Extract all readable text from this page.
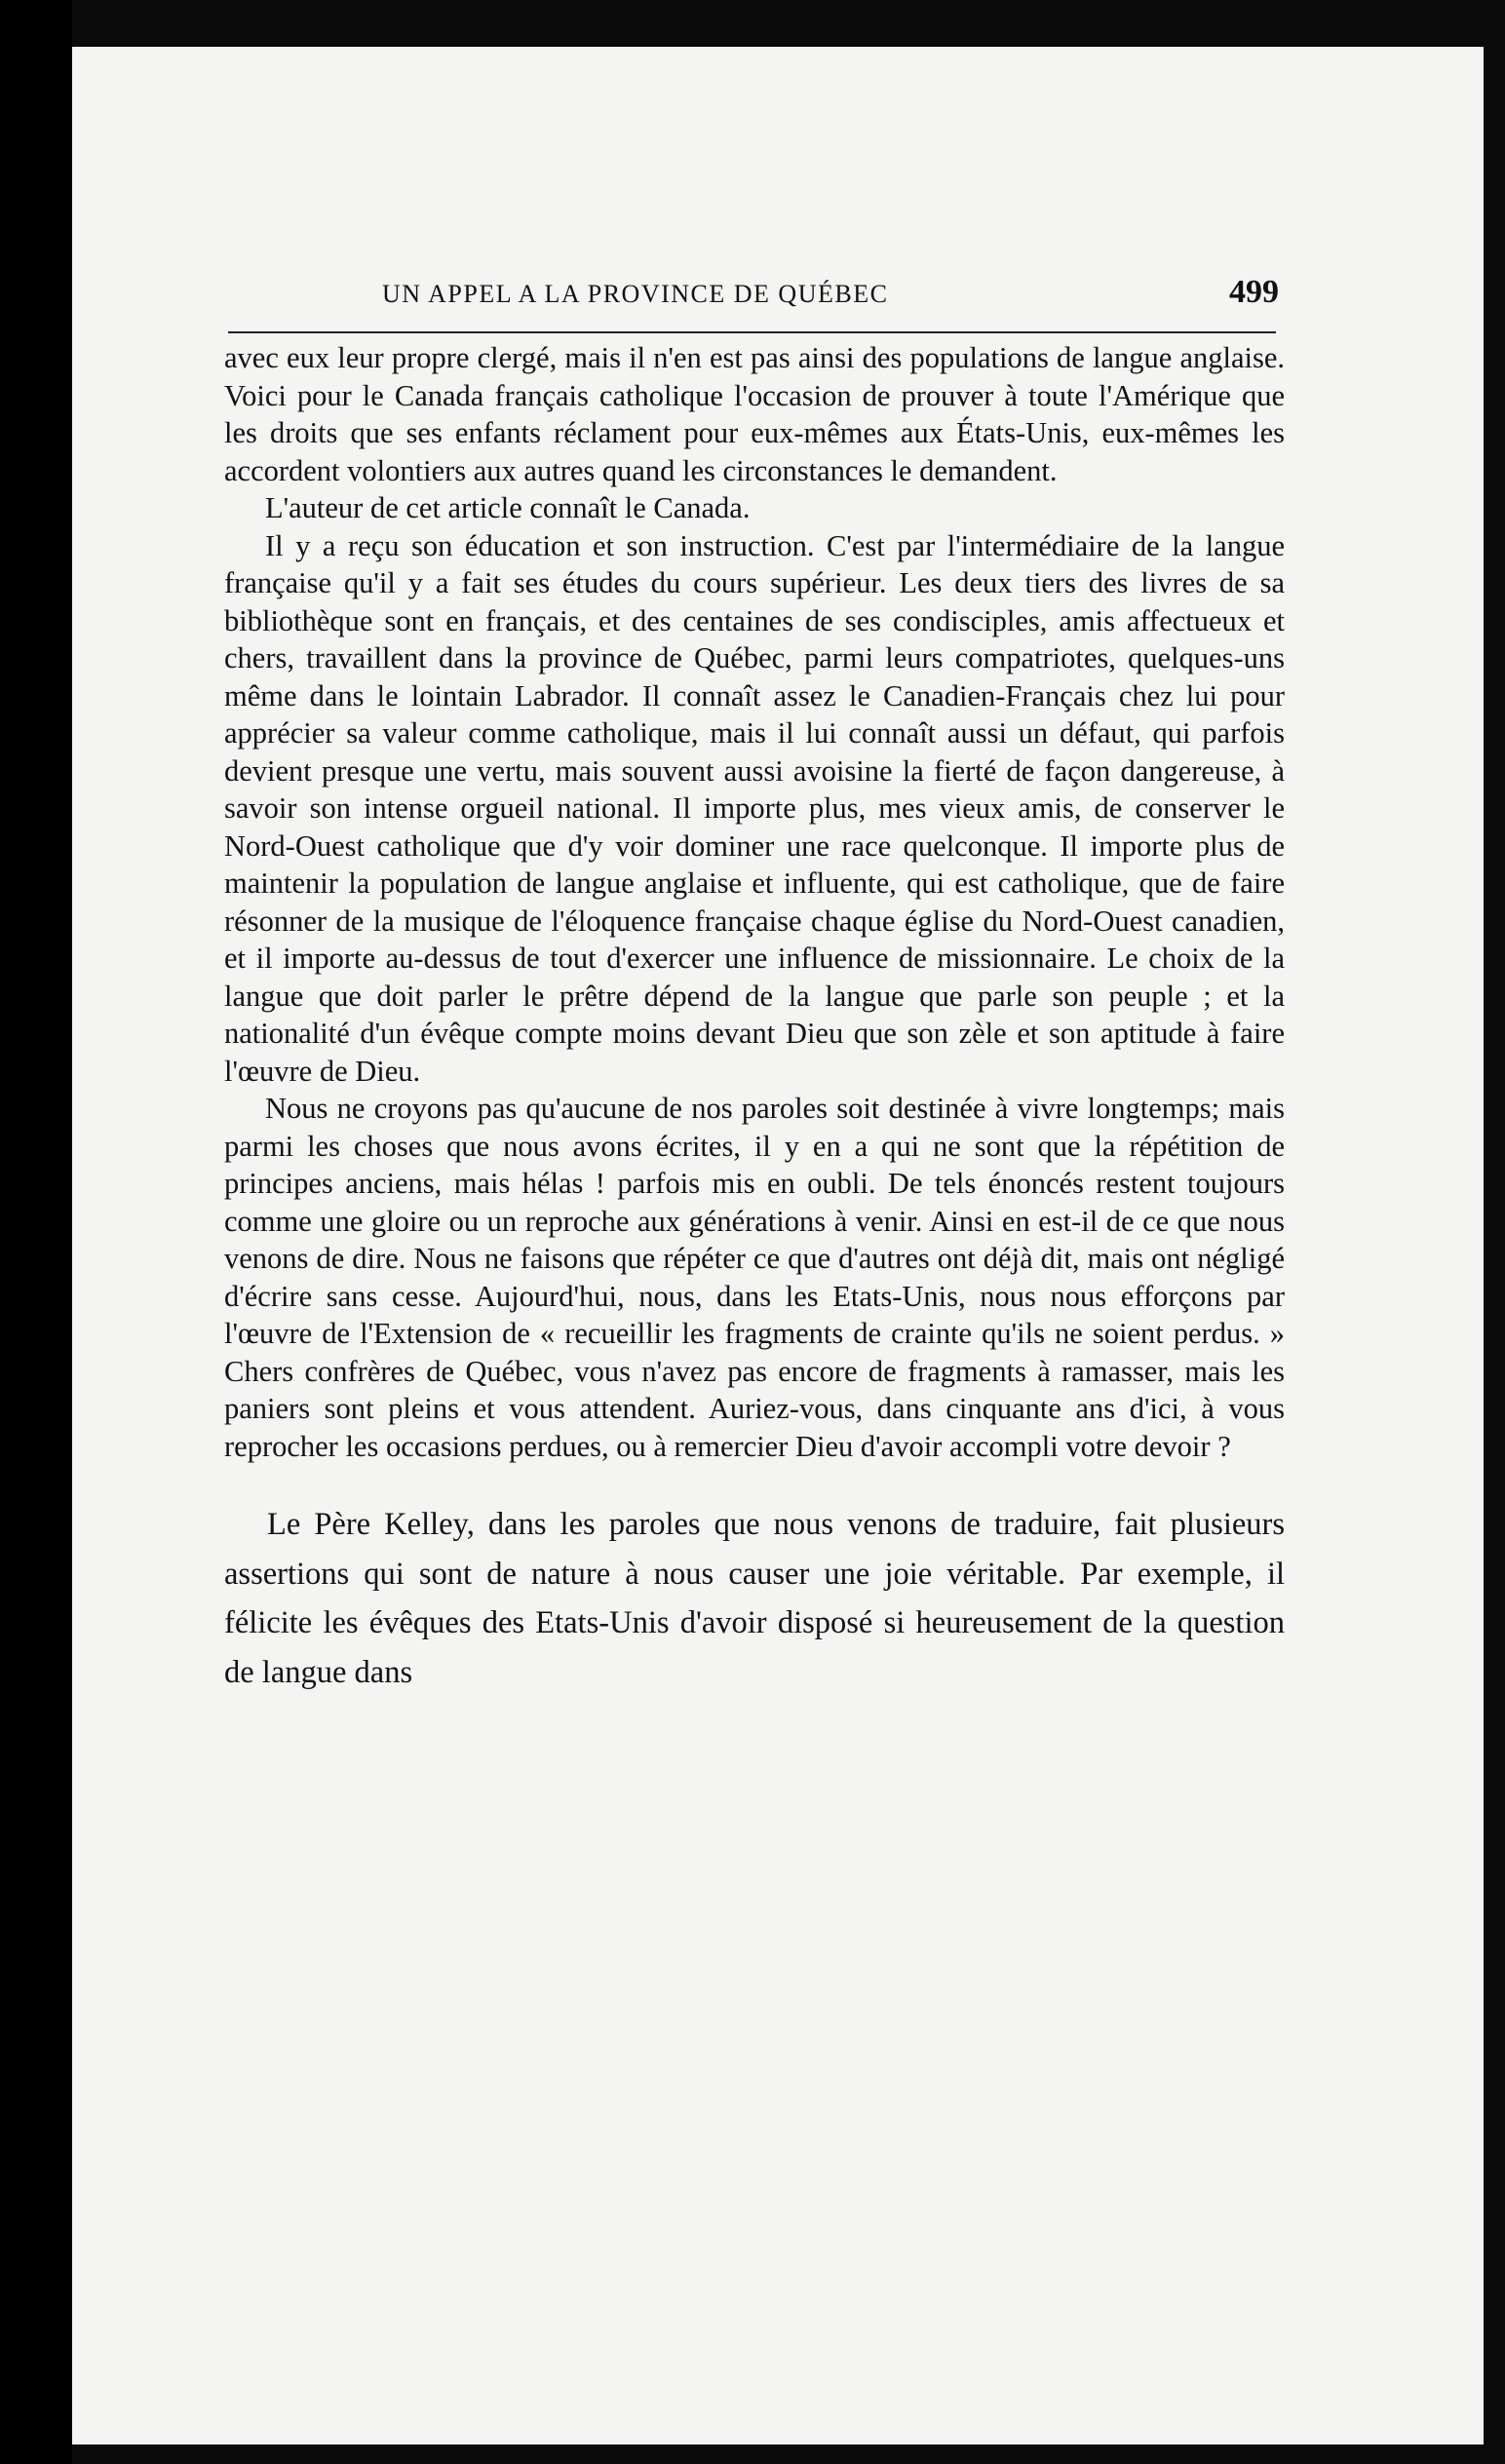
UN APPEL A LA PROVINCE DE QUÉBEC	499

avec eux leur propre clergé, mais il n'en est pas ainsi des populations de langue anglaise. Voici pour le Canada français catholique l'occasion de prouver à toute l'Amérique que les droits que ses enfants réclament pour eux-mêmes aux États-Unis, eux-mêmes les accordent volontiers aux autres quand les circonstances le demandent.

L'auteur de cet article connaît le Canada.

Il y a reçu son éducation et son instruction. C'est par l'intermédiaire de la langue française qu'il y a fait ses études du cours supérieur. Les deux tiers des livres de sa bibliothèque sont en français, et des centaines de ses condisciples, amis affectueux et chers, travaillent dans la province de Québec, parmi leurs compatriotes, quelques-uns même dans le lointain Labrador. Il connaît assez le Canadien-Français chez lui pour apprécier sa valeur comme catholique, mais il lui connaît aussi un défaut, qui parfois devient presque une vertu, mais souvent aussi avoisine la fierté de façon dangereuse, à savoir son intense orgueil national. Il importe plus, mes vieux amis, de conserver le Nord-Ouest catholique que d'y voir dominer une race quelconque. Il importe plus de maintenir la population de langue anglaise et influente, qui est catholique, que de faire résonner de la musique de l'éloquence française chaque église du Nord-Ouest canadien, et il importe au-dessus de tout d'exercer une influence de missionnaire. Le choix de la langue que doit parler le prêtre dépend de la langue que parle son peuple ; et la nationalité d'un évêque compte moins devant Dieu que son zèle et son aptitude à faire l'œuvre de Dieu.

Nous ne croyons pas qu'aucune de nos paroles soit destinée à vivre longtemps; mais parmi les choses que nous avons écrites, il y en a qui ne sont que la répétition de principes anciens, mais hélas ! parfois mis en oubli. De tels énoncés restent toujours comme une gloire ou un reproche aux générations à venir. Ainsi en est-il de ce que nous venons de dire. Nous ne faisons que répéter ce que d'autres ont déjà dit, mais ont négligé d'écrire sans cesse. Aujourd'hui, nous, dans les Etats-Unis, nous nous efforçons par l'œuvre de l'Extension de « recueillir les fragments de crainte qu'ils ne soient perdus. » Chers confrères de Québec, vous n'avez pas encore de fragments à ramasser, mais les paniers sont pleins et vous attendent. Auriez-vous, dans cinquante ans d'ici, à vous reprocher les occasions perdues, ou à remercier Dieu d'avoir accompli votre devoir ?

Le Père Kelley, dans les paroles que nous venons de traduire, fait plusieurs assertions qui sont de nature à nous causer une joie véritable. Par exemple, il félicite les évêques des Etats-Unis d'avoir disposé si heureusement de la question de langue dans
